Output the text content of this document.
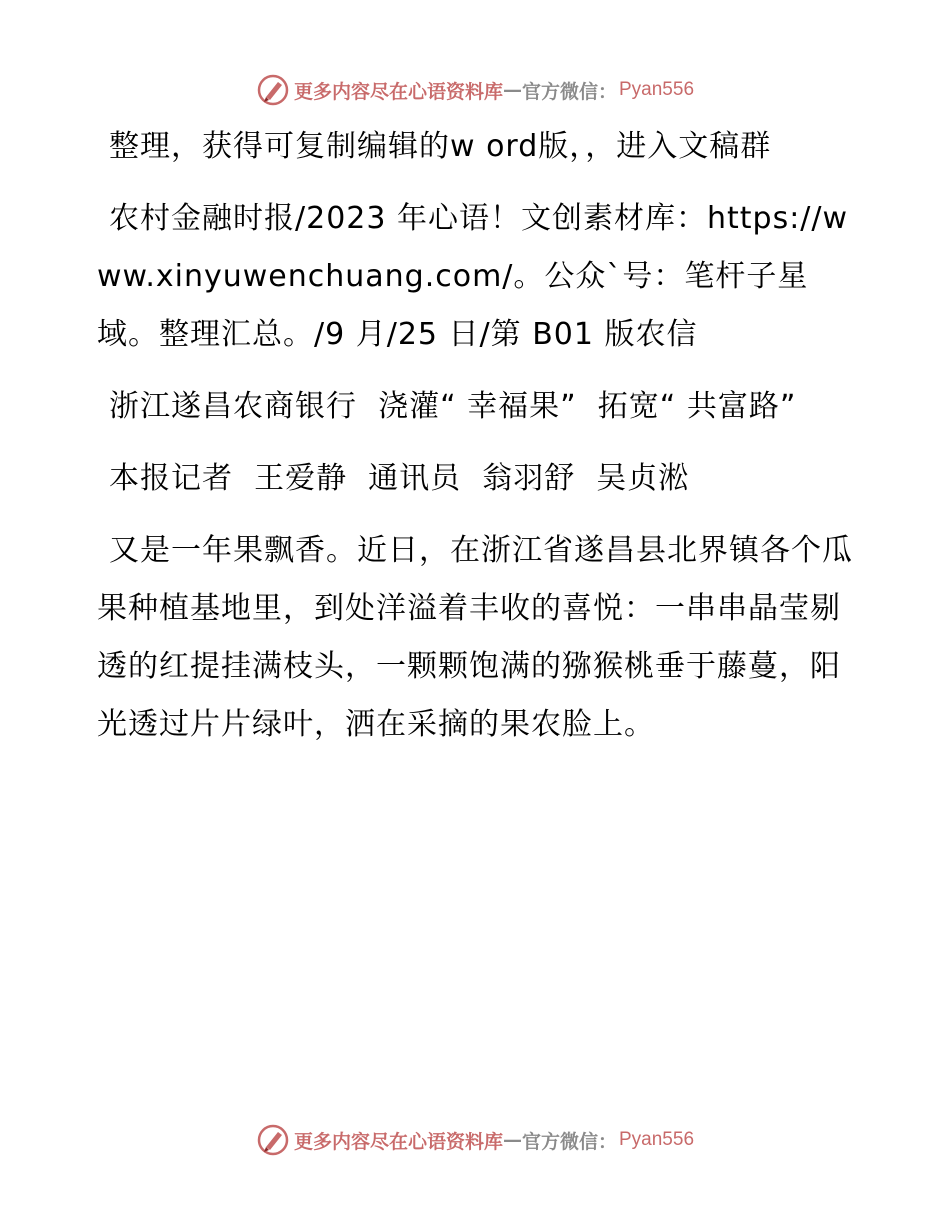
更多内容尽在心语资料库 — 官方微信： Pyan556

整理，获得可复制编辑的w ord版，，进入文稿群

农村金融时报/2023 年心语！文创素材库：https://www.xinyuwenchuang.com/。公众`号：笔杆子星域。整理汇总。/9 月/25 日/第 B01 版农信

浙江遂昌农商银行  浇灌“ 幸福果”  拓宽“ 共富路”

本报记者  王爱静  通讯员  翁羽舒  吴贞淞

又是一年果飘香。近日，在浙江省遂昌县北界镇各个瓜果种植基地里，到处洋溢着丰收的喜悦：一串串晶莹剔透的红提挂满枝头，一颗颗饱满的猕猴桃垂于藤蔓，阳光透过片片绿叶，洒在采摘的果农脸上。

更多内容尽在心语资料库 — 官方微信： Pyan556
